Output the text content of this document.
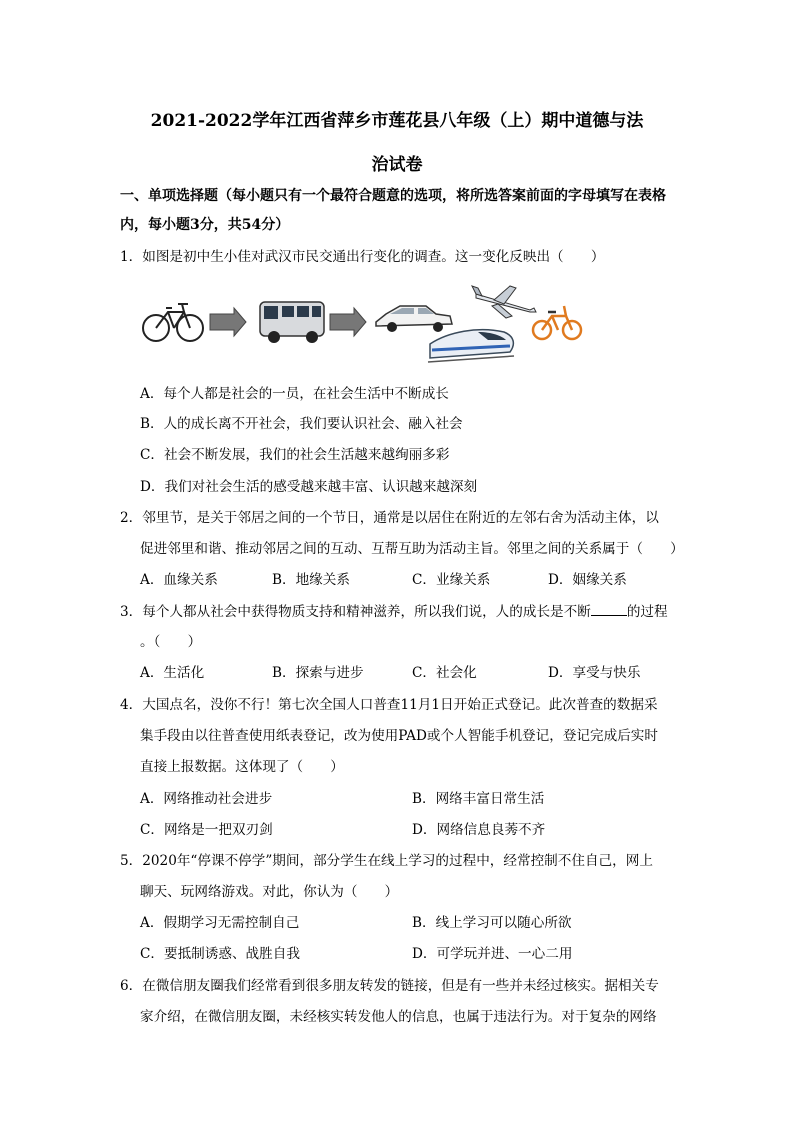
2021-2022学年江西省萍乡市莲花县八年级（上）期中道德与法
治试卷
一、单项选择题（每小题只有一个最符合题意的选项，将所选答案前面的字母填写在表格
内，每小题3分，共54分）
1．如图是初中生小佳对武汉市民交通出行变化的调查。这一变化反映出（　　）
A．每个人都是社会的一员，在社会生活中不断成长
B．人的成长离不开社会，我们要认识社会、融入社会
C．社会不断发展，我们的社会生活越来越绚丽多彩
D．我们对社会生活的感受越来越丰富、认识越来越深刻
2．邻里节，是关于邻居之间的一个节日，通常是以居住在附近的左邻右舍为活动主体，以
促进邻里和谐、推动邻居之间的互动、互帮互助为活动主旨。邻里之间的关系属于（　　）
A．血缘关系	B．地缘关系	C．业缘关系	D．姻缘关系
3．每个人都从社会中获得物质支持和精神滋养，所以我们说，人的成长是不断	的过程
。（　　）
A．生活化	B．探索与进步	C．社会化	D．享受与快乐
4．大国点名，没你不行！第七次全国人口普查11月1日开始正式登记。此次普查的数据采
集手段由以往普查使用纸表登记，改为使用PAD或个人智能手机登记，登记完成后实时
直接上报数据。这体现了（　　）
A．网络推动社会进步	B．网络丰富日常生活
C．网络是一把双刃剑	D．网络信息良莠不齐
5．2020年“停课不停学”期间，部分学生在线上学习的过程中，经常控制不住自己，网上
聊天、玩网络游戏。对此，你认为（　　）
A．假期学习无需控制自己	B．线上学习可以随心所欲
C．要抵制诱惑、战胜自我	D．可学玩并进、一心二用
6．在微信朋友圈我们经常看到很多朋友转发的链接，但是有一些并未经过核实。据相关专
家介绍，在微信朋友圈，未经核实转发他人的信息，也属于违法行为。对于复杂的网络
